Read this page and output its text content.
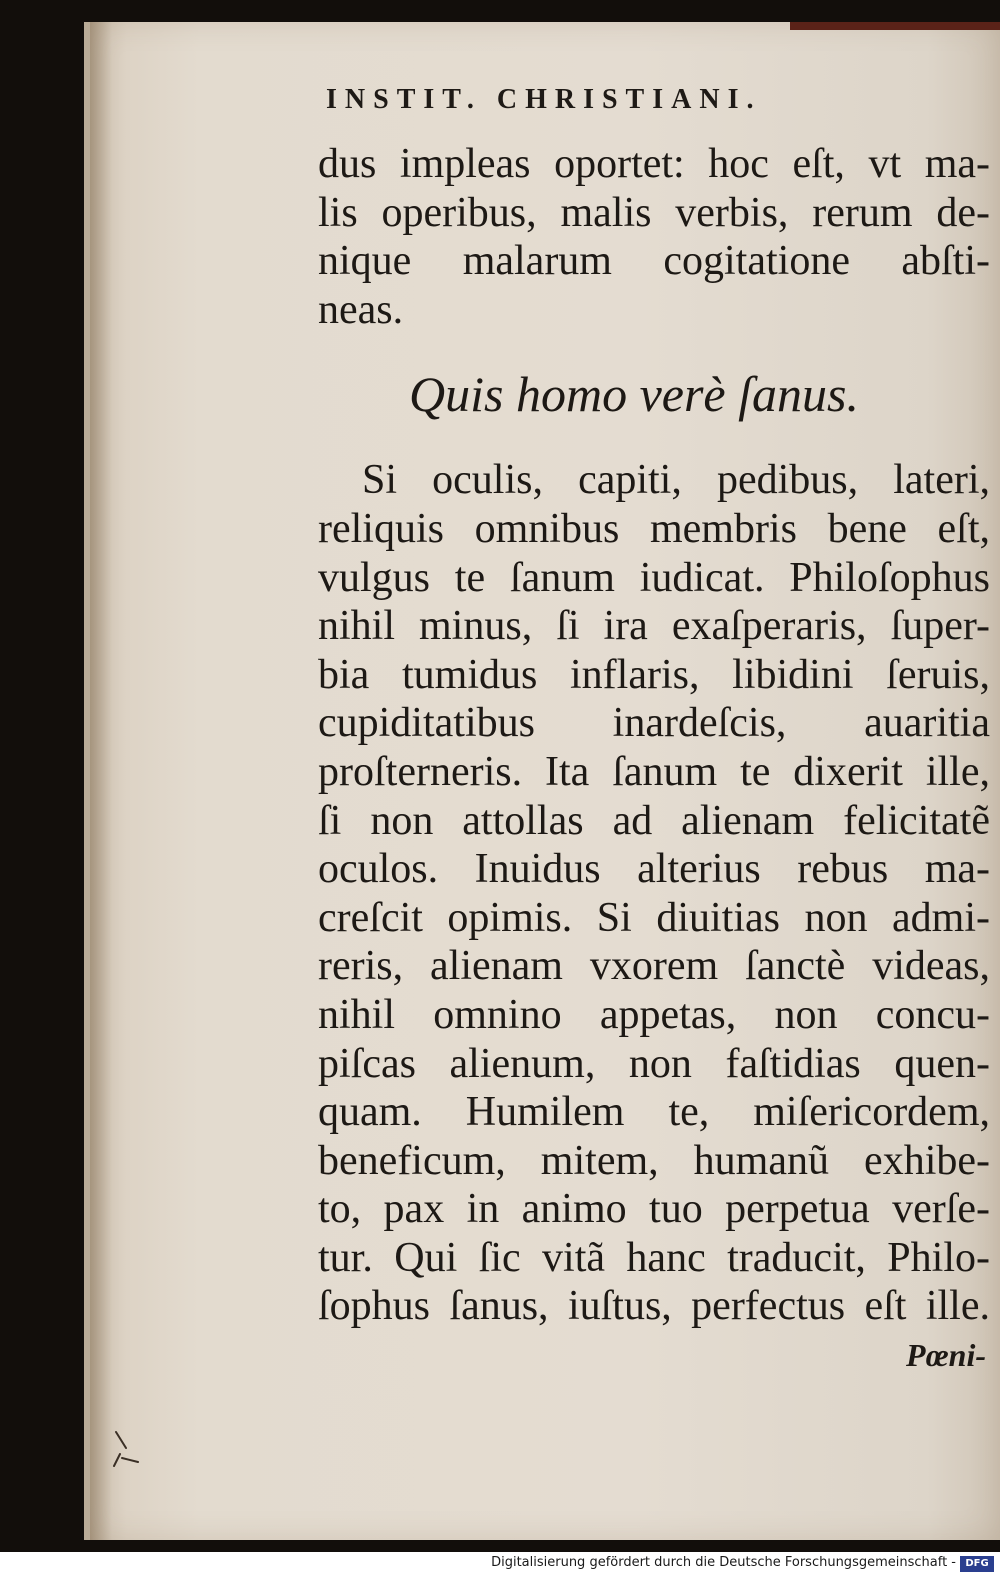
INSTIT. CHRISTIANI.
dus impleas oportet: hoc eſt, vt ma-
lis operibus, malis verbis, rerum de-
nique malarum cogitatione abſti-
neas.
Quis homo verè ſanus.
Si oculis, capiti, pedibus, lateri,
reliquis omnibus membris bene eſt,
vulgus te ſanum iudicat. Philoſophus
nihil minus, ſi ira exaſperaris, ſuper-
bia tumidus inflaris, libidini ſeruis,
cupiditatibus inardeſcis, auaritia
proſterneris. Ita ſanum te dixerit ille,
ſi non attollas ad alienam felicitatẽ
oculos. Inuidus alterius rebus ma-
creſcit opimis. Si diuitias non admi-
reris, alienam vxorem ſanctè videas,
nihil omnino appetas, non concu-
piſcas alienum, non faſtidias quen-
quam. Humilem te, miſericordem,
beneficum, mitem, humanũ exhibe-
to, pax in animo tuo perpetua verſe-
tur. Qui ſic vitã hanc traducit, Philo-
ſophus ſanus, iuſtus, perfectus eſt ille.
Pœni-
Digitalisierung gefördert durch die Deutsche Forschungsgemeinschaft - DFG
